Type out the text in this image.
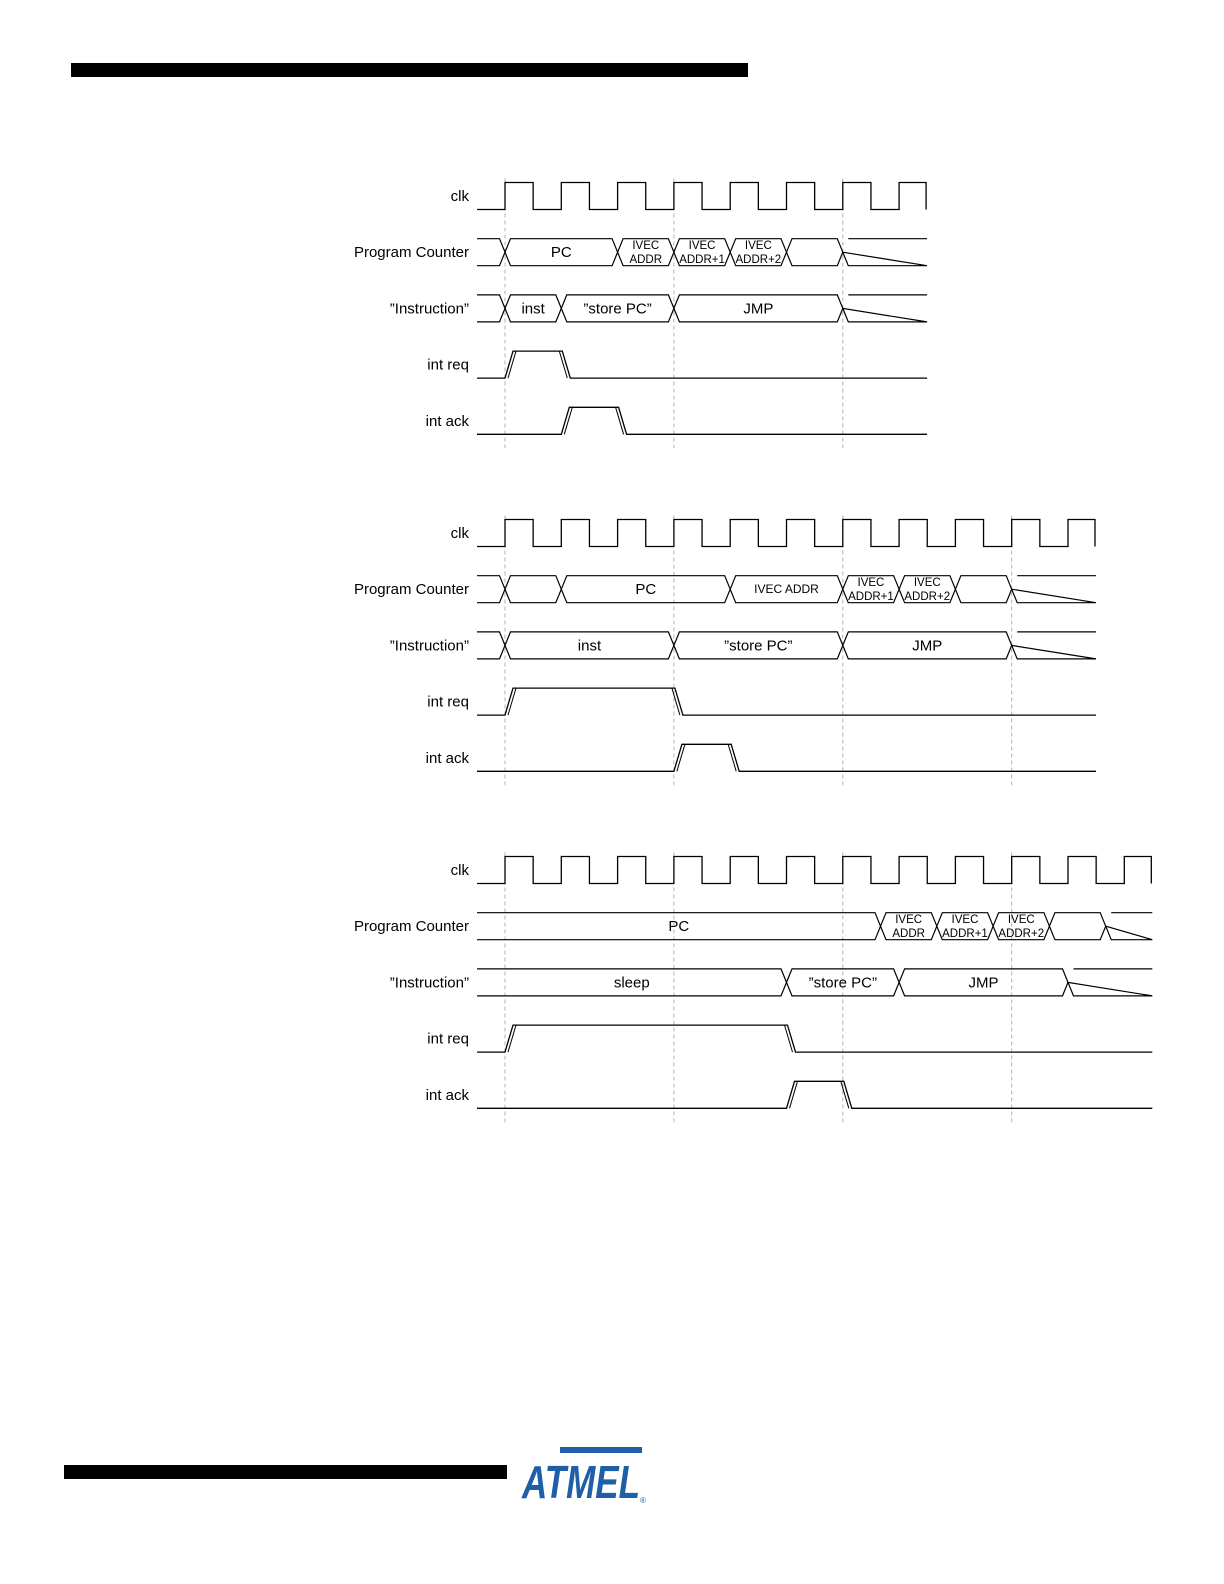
clk
Program Counter	PC	IVEC
ADDR
IVEC
ADDR+1
IVEC
ADDR+2
”Instruction”	inst	”store PC”	JMP
int req
int ack
clk
Program Counter	PC	IVEC ADDR	IVEC
ADDR+1
IVEC
ADDR+2
”Instruction”	inst	”store PC”	JMP
int req
int ack
clk
Program Counter	PC	IVEC
ADDR
IVEC
ADDR+1
IVEC
ADDR+2
”Instruction”	sleep	”store PC”	JMP
int req
int ack
ATMEL ®
